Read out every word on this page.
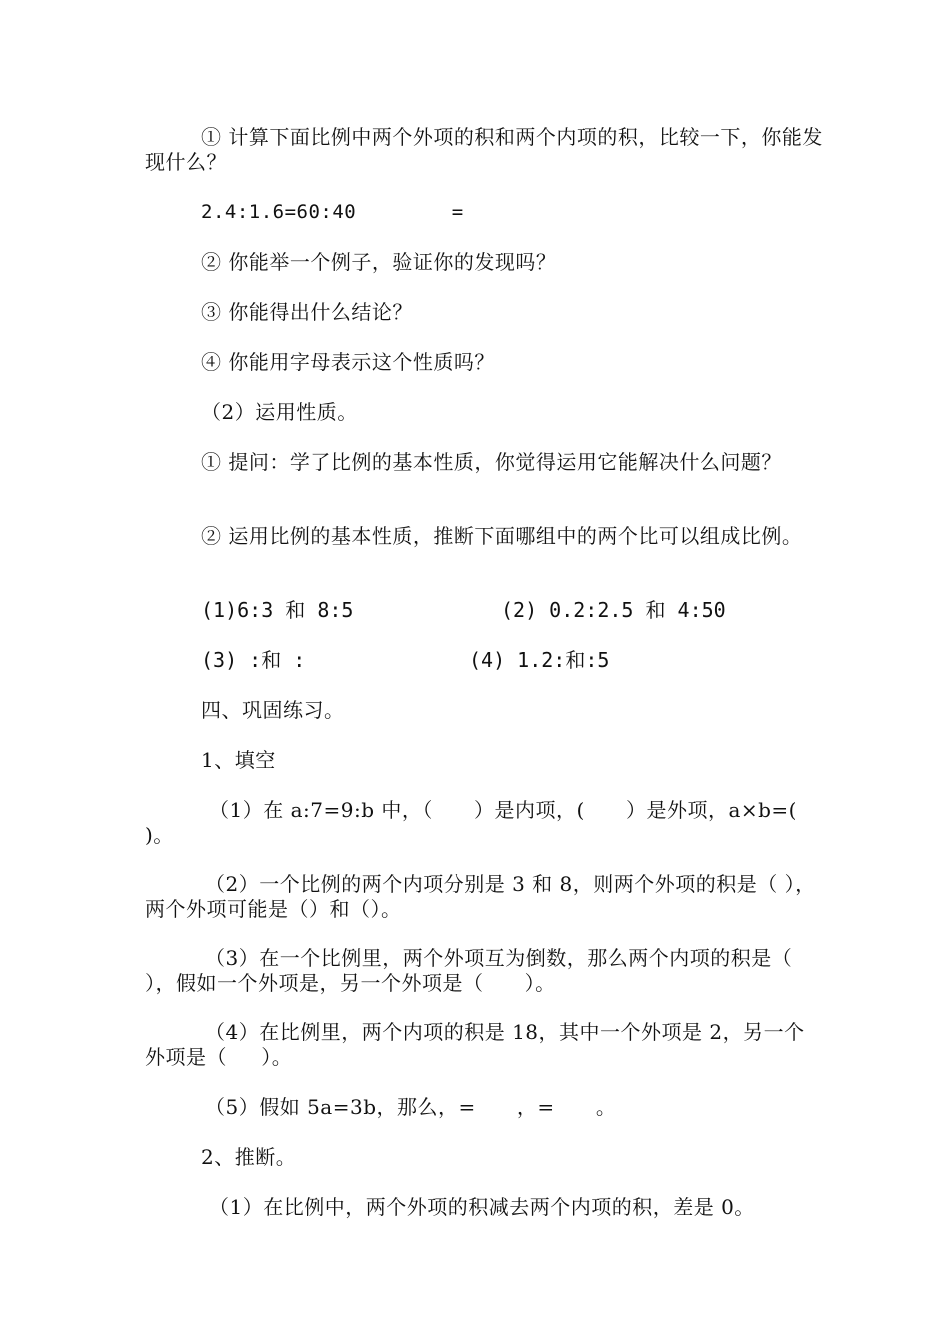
① 计算下面比例中两个外项的积和两个内项的积，比较一下，你能发现什么？
2.4:1.6=60:40        =
② 你能举一个例子，验证你的发现吗？
③ 你能得出什么结论？
④ 你能用字母表示这个性质吗？
（2）运用性质。
① 提问：学了比例的基本性质，你觉得运用它能解决什么问题？
② 运用比例的基本性质，推断下面哪组中的两个比可以组成比例。

(1)6:3 和 8:5

	(2) 0.2:2.5 和 4:50

(3) :和 :

	(4) 1.2:和:5

四、巩固练习。
1、填空
（1）在 a:7=9:b 中，（      ）是内项，(      ）是外项，a×b=(     )。
（2）一个比例的两个内项分别是 3 和 8，则两个外项的积是（ ），两个外项可能是（）和（）。
（3）在一个比例里，两个外项互为倒数，那么两个内项的积是（     ），假如一个外项是，另一个外项是（      ）。
（4）在比例里，两个内项的积是 18，其中一个外项是 2，另一个外项是（     ）。
（5）假如 5a=3b，那么，=      ，=      。
2、推断。
（1）在比例中，两个外项的积减去两个内项的积，差是 0。
